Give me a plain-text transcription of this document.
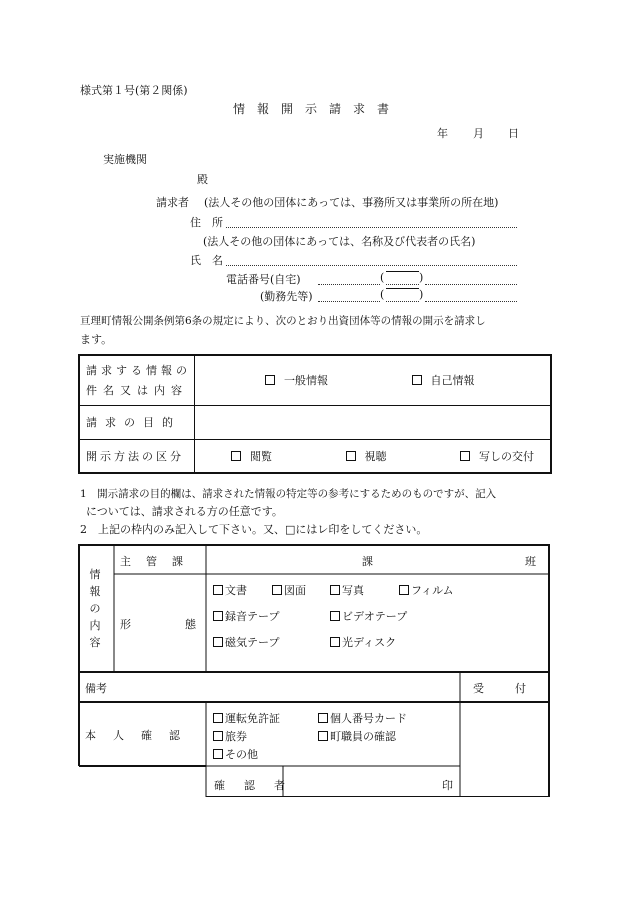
様式第１号(第２関係)
情　報　開　示　請　求　書
年 月 日
実施機関
殿
請求者 (法人その他の団体にあっては、事務所又は事業所の所在地)
住　所
(法人その他の団体にあっては、名称及び代表者の氏名)
氏　名
電話番号(自宅)	(	)
(勤務先等)	(	)
亘理町情報公開条例第6条の規定により、次のとおり出資団体等の情報の開示を請求し
ます。
請求する情報の
件名又は内容	一般情報 自己情報
請求の目的	
開示方法の区分	閲覧 視聴 写しの交付
1　開示請求の目的欄は、請求された情報の特定等の参考にするためのものですが、記入
については、請求される方の任意です。
2　上記の枠内のみ記入して下さい。又、□にはレ印をしてください。
情
報
の
内
容
主　管　課	課	班
形　　　　態
文書	図面	写真	フィルム
録音テープ	ビデオテープ
磁気テープ	光ディスク
備考	受　　付
本　人　確　認
運転免許証	個人番号カード
旅券	町職員の確認
その他
確　認　者	印
